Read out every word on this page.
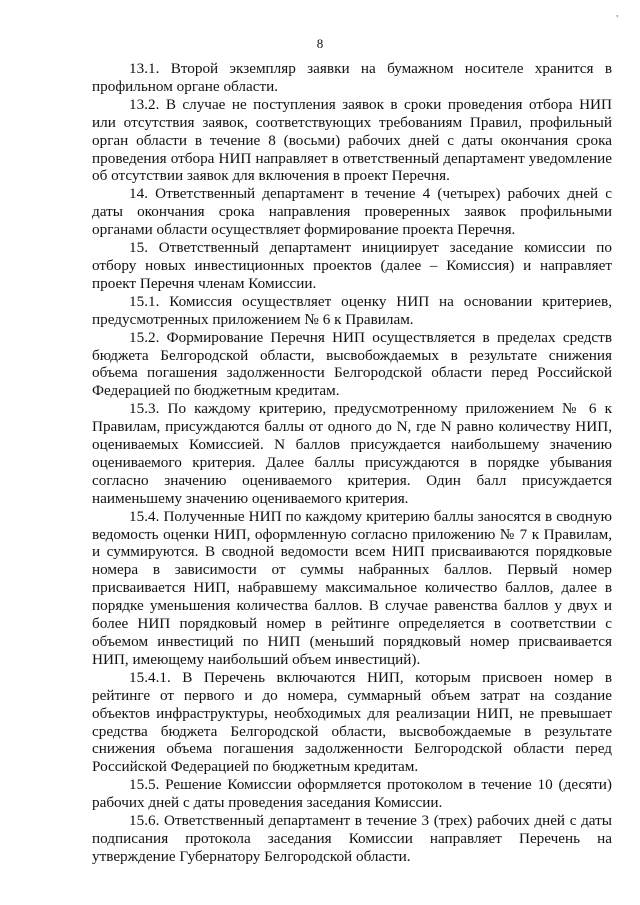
'
8

13.1. Второй экземпляр заявки на бумажном носителе хранится в профильном органе области.

13.2. В случае не поступления заявок в сроки проведения отбора НИП или отсутствия заявок, соответствующих требованиям Правил, профильный орган области в течение 8 (восьми) рабочих дней с даты окончания срока проведения отбора НИП направляет в ответственный департамент уведомление об отсутствии заявок для включения в проект Перечня.

14. Ответственный департамент в течение 4 (четырех) рабочих дней с даты окончания срока направления проверенных заявок профильными органами области осуществляет формирование проекта Перечня.

15. Ответственный департамент инициирует заседание комиссии по отбору новых инвестиционных проектов (далее – Комиссия) и направляет проект Перечня членам Комиссии.

15.1. Комиссия осуществляет оценку НИП на основании критериев, предусмотренных приложением № 6 к Правилам.

15.2. Формирование Перечня НИП осуществляется в пределах средств бюджета Белгородской области, высвобождаемых в результате снижения объема погашения задолженности Белгородской области перед Российской Федерацией по бюджетным кредитам.

15.3. По каждому критерию, предусмотренному приложением № 6 к Правилам, присуждаются баллы от одного до N, где N равно количеству НИП, оцениваемых Комиссией. N баллов присуждается наибольшему значению оцениваемого критерия. Далее баллы присуждаются в порядке убывания согласно значению оцениваемого критерия. Один балл присуждается наименьшему значению оцениваемого критерия.

15.4. Полученные НИП по каждому критерию баллы заносятся в сводную ведомость оценки НИП, оформленную согласно приложению № 7 к Правилам, и суммируются. В сводной ведомости всем НИП присваиваются порядковые номера в зависимости от суммы набранных баллов. Первый номер присваивается НИП, набравшему максимальное количество баллов, далее в порядке уменьшения количества баллов. В случае равенства баллов у двух и более НИП порядковый номер в рейтинге определяется в соответствии с объемом инвестиций по НИП (меньший порядковый номер присваивается НИП, имеющему наибольший объем инвестиций).

15.4.1. В Перечень включаются НИП, которым присвоен номер в рейтинге от первого и до номера, суммарный объем затрат на создание объектов инфраструктуры, необходимых для реализации НИП, не превышает средства бюджета Белгородской области, высвобождаемые в результате снижения объема погашения задолженности Белгородской области перед Российской Федерацией по бюджетным кредитам.

15.5. Решение Комиссии оформляется протоколом в течение 10 (десяти) рабочих дней с даты проведения заседания Комиссии.

15.6. Ответственный департамент в течение 3 (трех) рабочих дней с даты подписания протокола заседания Комиссии направляет Перечень на утверждение Губернатору Белгородской области.
